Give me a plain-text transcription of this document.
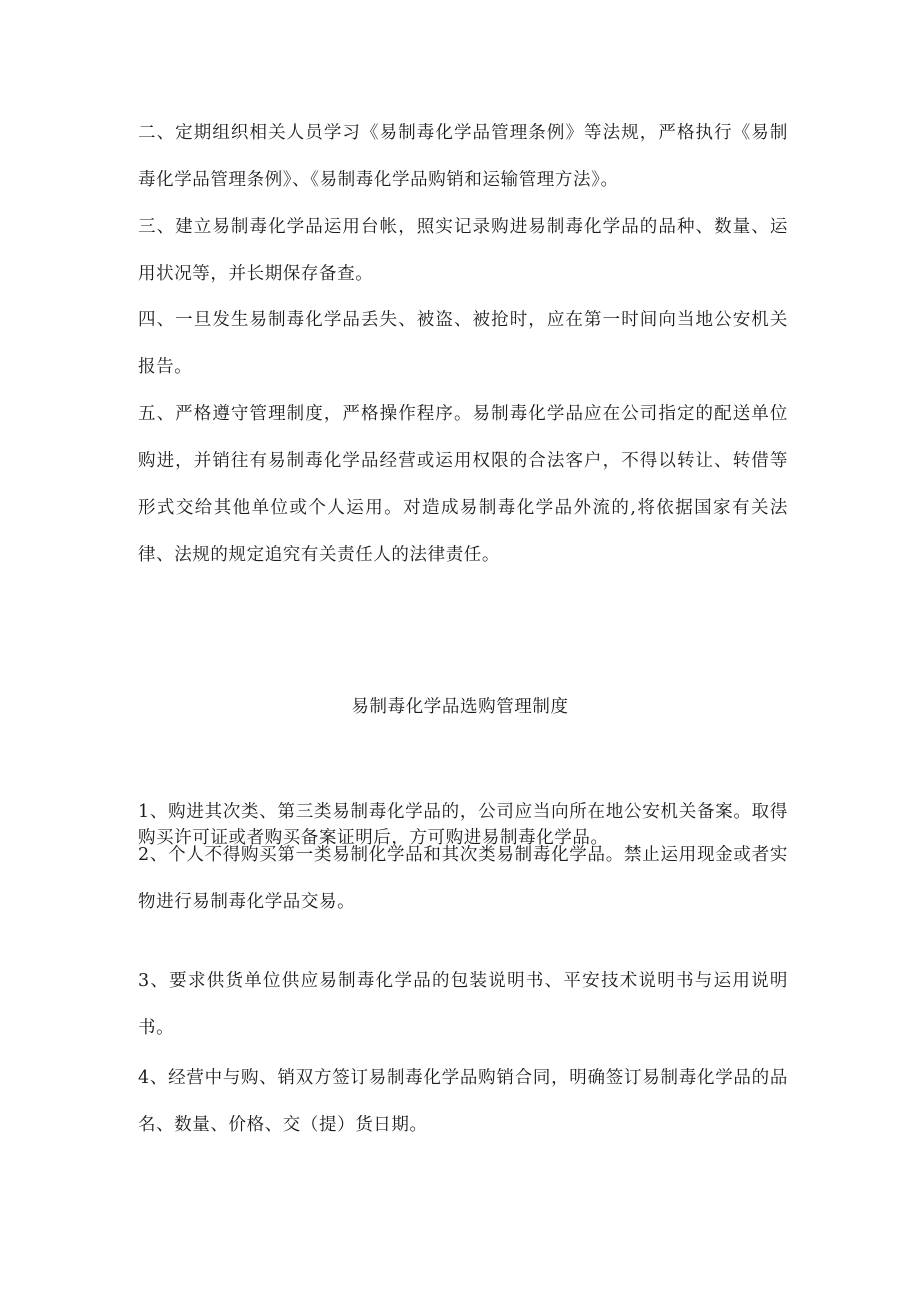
二、定期组织相关人员学习《易制毒化学品管理条例》等法规，严格执行《易制毒化学品管理条例》、《易制毒化学品购销和运输管理方法》。

三、建立易制毒化学品运用台帐，照实记录购进易制毒化学品的品种、数量、运用状况等，并长期保存备查。

四、一旦发生易制毒化学品丢失、被盗、被抢时，应在第一时间向当地公安机关报告。

五、严格遵守管理制度，严格操作程序。易制毒化学品应在公司指定的配送单位购进，并销往有易制毒化学品经营或运用权限的合法客户，不得以转让、转借等形式交给其他单位或个人运用。对造成易制毒化学品外流的,将依据国家有关法律、法规的规定追究有关责任人的法律责任。

易制毒化学品选购管理制度

1、购进其次类、第三类易制毒化学品的，公司应当向所在地公安机关备案。取得购买许可证或者购买备案证明后，方可购进易制毒化学品。

2、个人不得购买第一类易制化学品和其次类易制毒化学品。禁止运用现金或者实物进行易制毒化学品交易。

3、要求供货单位供应易制毒化学品的包装说明书、平安技术说明书与运用说明书。

4、经营中与购、销双方签订易制毒化学品购销合同，明确签订易制毒化学品的品名、数量、价格、交（提）货日期。
